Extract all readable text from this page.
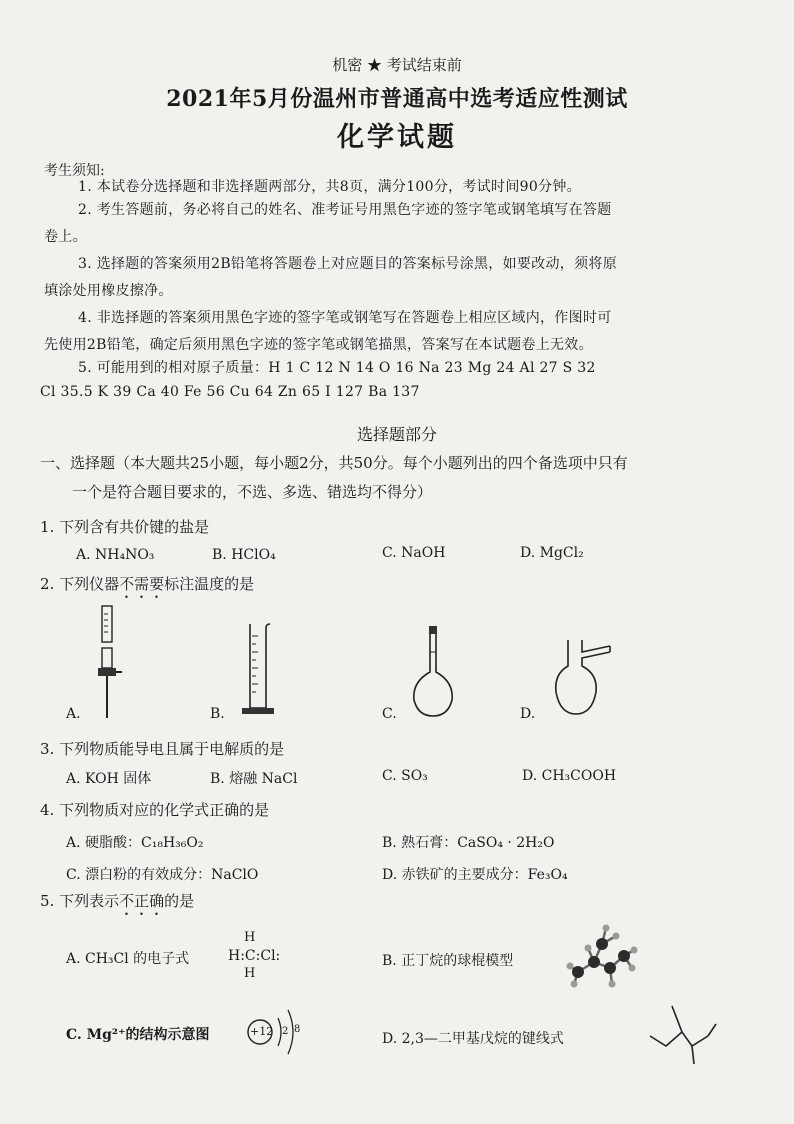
机密 ★ 考试结束前
2021年5月份温州市普通高中选考适应性测试
化学试题
考生须知:
1. 本试卷分选择题和非选择题两部分，共8页，满分100分，考试时间90分钟。
2. 考生答题前，务必将自己的姓名、准考证号用黑色字迹的签字笔或钢笔填写在答题
卷上。
3. 选择题的答案须用2B铅笔将答题卷上对应题目的答案标号涂黑，如要改动，须将原
填涂处用橡皮擦净。
4. 非选择题的答案须用黑色字迹的签字笔或钢笔写在答题卷上相应区域内，作图时可
先使用2B铅笔，确定后须用黑色字迹的签字笔或钢笔描黑，答案写在本试题卷上无效。
5. 可能用到的相对原子质量：H 1 C 12 N 14 O 16 Na 23 Mg 24 Al 27 S 32
Cl 35.5 K 39 Ca 40 Fe 56 Cu 64 Zn 65 I 127 Ba 137
选择题部分
一、选择题（本大题共25小题，每小题2分，共50分。每个小题列出的四个备选项中只有
一个是符合题目要求的，不选、多选、错选均不得分）
1. 下列含有共价键的盐是
A. NH₄NO₃	B. HClO₄	C. NaOH	D. MgCl₂
2. 下列仪器不需要标注温度的是
A.	B.	C.	D.
3. 下列物质能导电且属于电解质的是
A. KOH 固体	B. 熔融 NaCl	C. SO₃	D. CH₃COOH
4. 下列物质对应的化学式正确的是
A. 硬脂酸：C₁₈H₃₆O₂	B. 熟石膏：CaSO₄ · 2H₂O
C. 漂白粉的有效成分：NaClO	D. 赤铁矿的主要成分：Fe₃O₄
5. 下列表示不正确的是
A. CH₃Cl 的电子式
H
H:C:Cl:
H
B. 正丁烷的球棍模型
C. Mg²⁺的结构示意图	+12 2 8
D. 2,3—二甲基戊烷的键线式
